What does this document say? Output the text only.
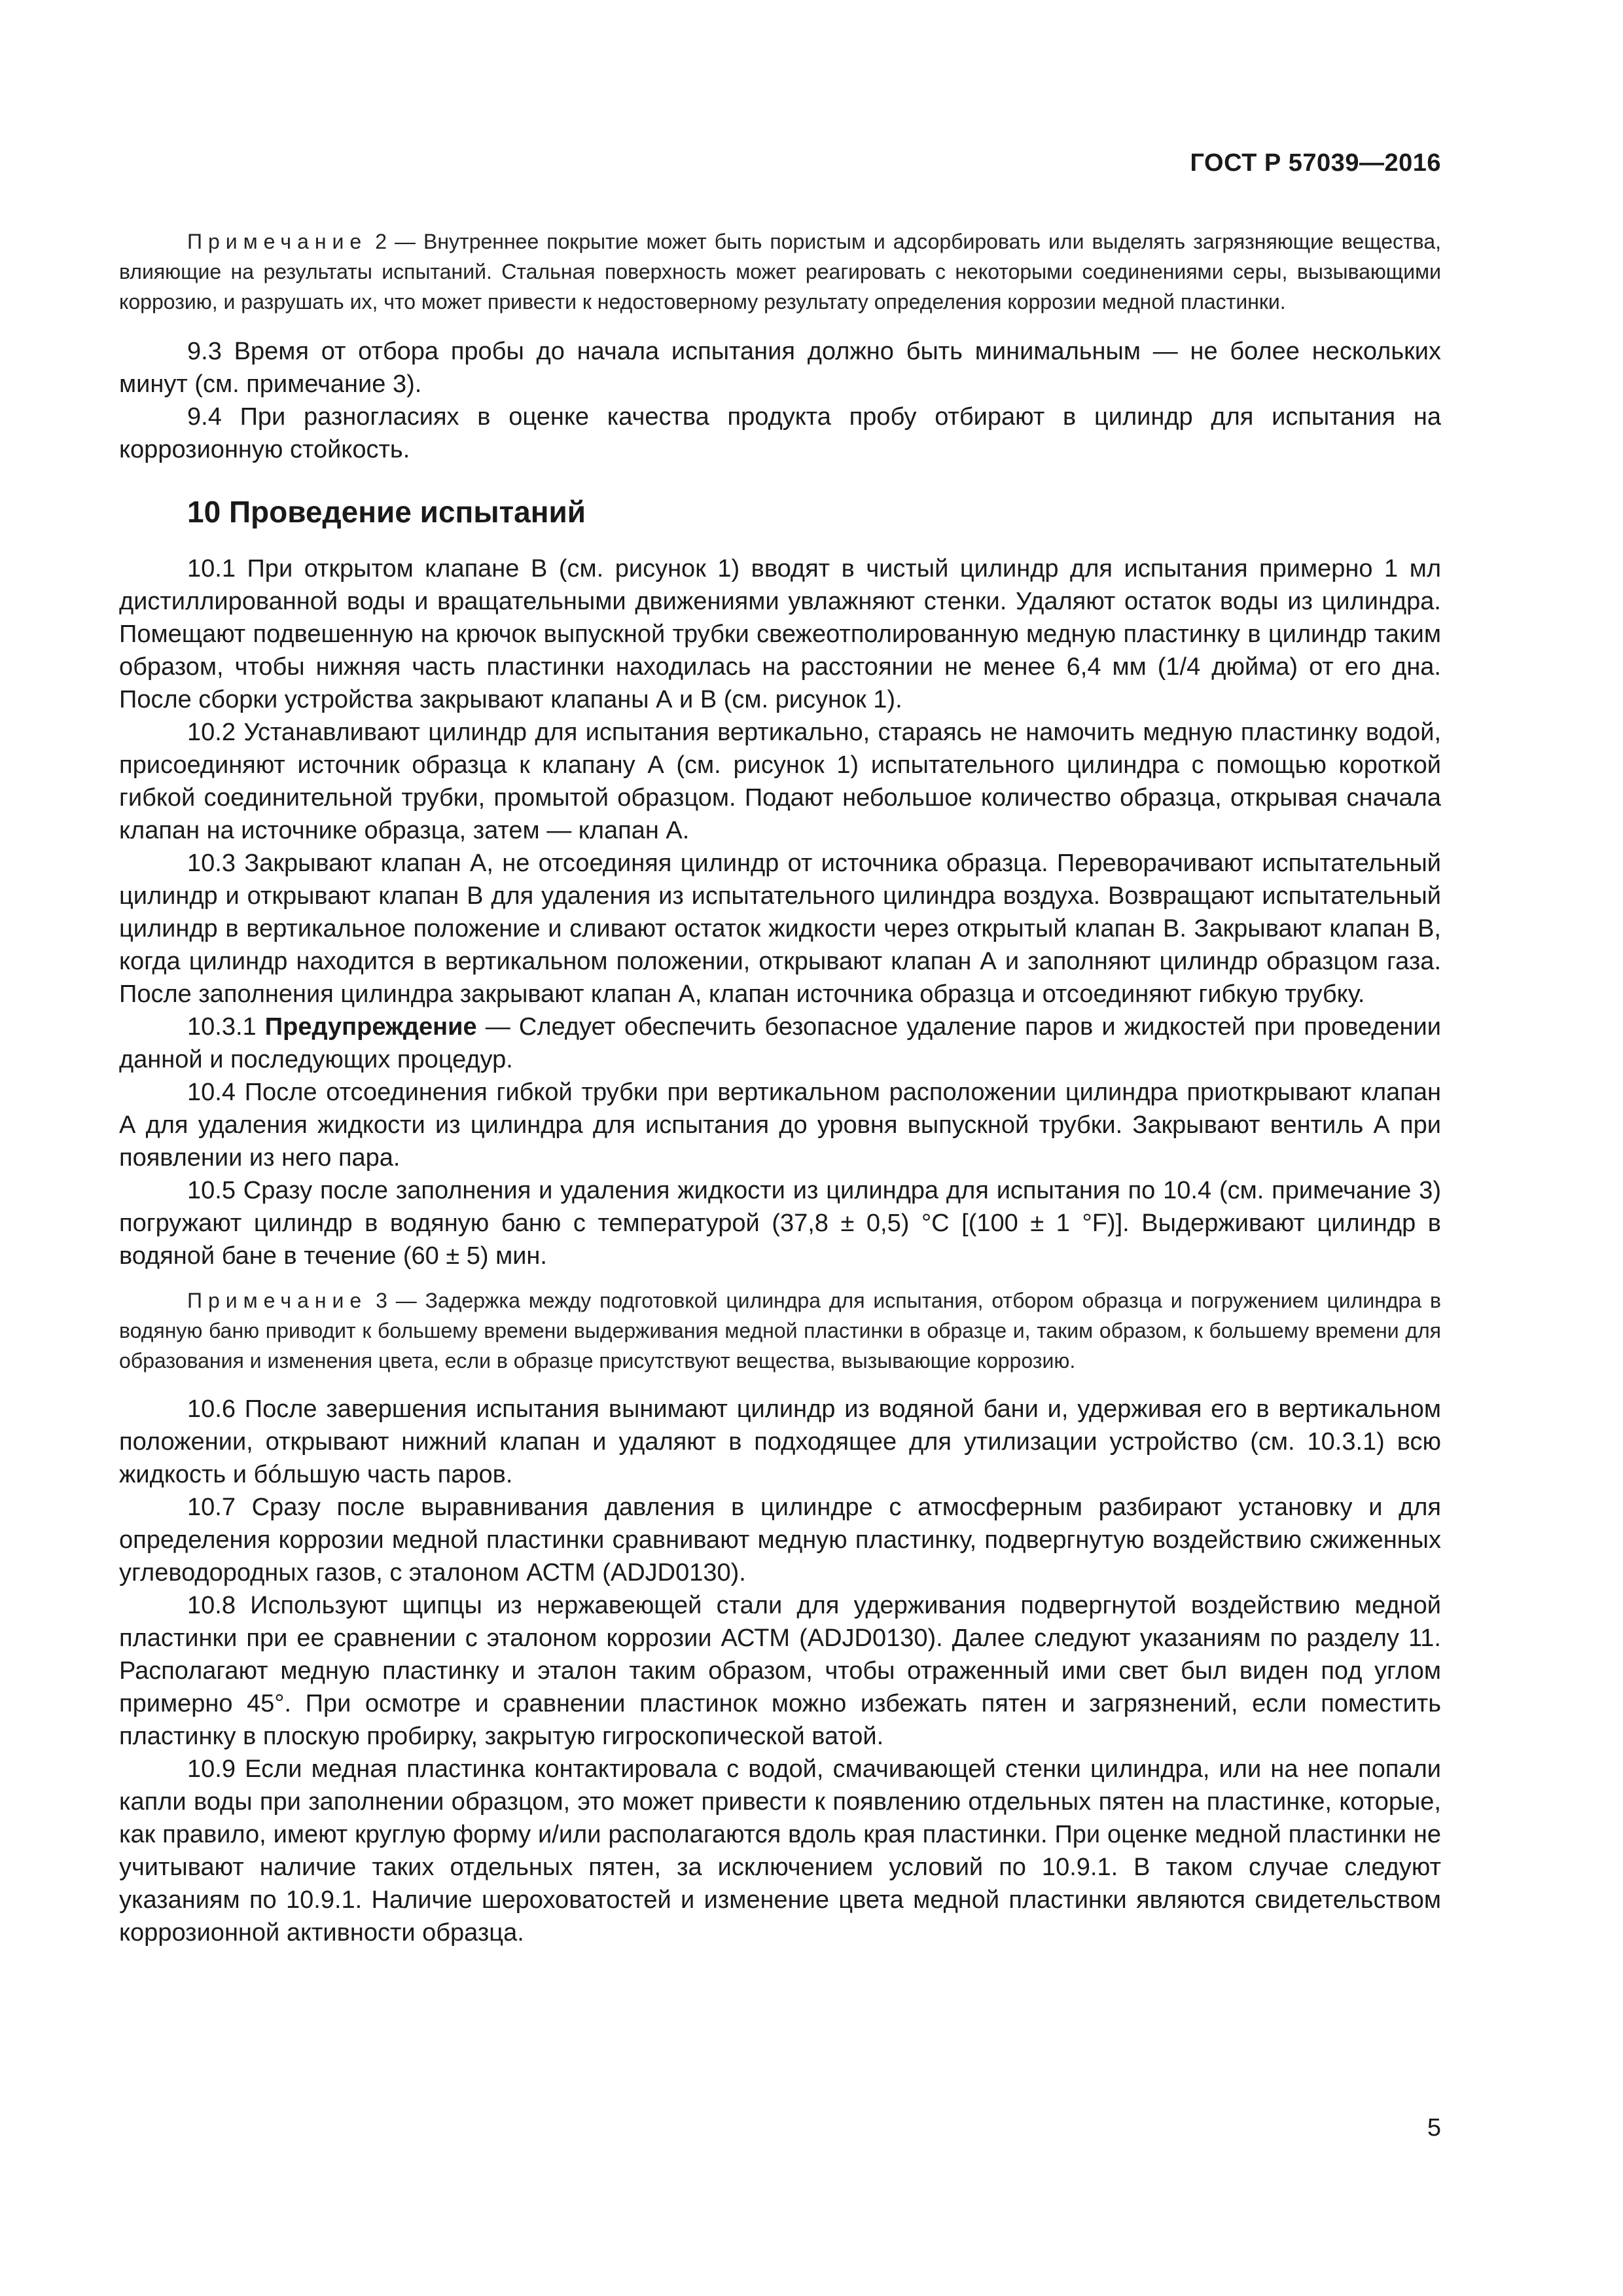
ГОСТ Р 57039—2016

Примечание 2 — Внутреннее покрытие может быть пористым и адсорбировать или выделять загрязняющие вещества, влияющие на результаты испытаний. Стальная поверхность может реагировать с некоторыми соединениями серы, вызывающими коррозию, и разрушать их, что может привести к недостоверному результату определения коррозии медной пластинки.

9.3 Время от отбора пробы до начала испытания должно быть минимальным — не более нескольких минут (см. примечание 3).

9.4 При разногласиях в оценке качества продукта пробу отбирают в цилиндр для испытания на коррозионную стойкость.

10 Проведение испытаний

10.1 При открытом клапане В (см. рисунок 1) вводят в чистый цилиндр для испытания примерно 1 мл дистиллированной воды и вращательными движениями увлажняют стенки. Удаляют остаток воды из цилиндра. Помещают подвешенную на крючок выпускной трубки свежеотполированную медную пластинку в цилиндр таким образом, чтобы нижняя часть пластинки находилась на расстоянии не менее 6,4 мм (1/4 дюйма) от его дна. После сборки устройства закрывают клапаны А и В (см. рисунок 1).

10.2 Устанавливают цилиндр для испытания вертикально, стараясь не намочить медную пластинку водой, присоединяют источник образца к клапану А (см. рисунок 1) испытательного цилиндра с помощью короткой гибкой соединительной трубки, промытой образцом. Подают небольшое количество образца, открывая сначала клапан на источнике образца, затем — клапан А.

10.3 Закрывают клапан А, не отсоединяя цилиндр от источника образца. Переворачивают испытательный цилиндр и открывают клапан В для удаления из испытательного цилиндра воздуха. Возвращают испытательный цилиндр в вертикальное положение и сливают остаток жидкости через открытый клапан В. Закрывают клапан В, когда цилиндр находится в вертикальном положении, открывают клапан А и заполняют цилиндр образцом газа. После заполнения цилиндра закрывают клапан А, клапан источника образца и отсоединяют гибкую трубку.

10.3.1 Предупреждение — Следует обеспечить безопасное удаление паров и жидкостей при проведении данной и последующих процедур.

10.4 После отсоединения гибкой трубки при вертикальном расположении цилиндра приоткрывают клапан А для удаления жидкости из цилиндра для испытания до уровня выпускной трубки. Закрывают вентиль А при появлении из него пара.

10.5 Сразу после заполнения и удаления жидкости из цилиндра для испытания по 10.4 (см. примечание 3) погружают цилиндр в водяную баню с температурой (37,8 ± 0,5) °С [(100 ± 1 °F)]. Выдерживают цилиндр в водяной бане в течение (60 ± 5) мин.

Примечание 3 — Задержка между подготовкой цилиндра для испытания, отбором образца и погружением цилиндра в водяную баню приводит к большему времени выдерживания медной пластинки в образце и, таким образом, к большему времени для образования и изменения цвета, если в образце присутствуют вещества, вызывающие коррозию.

10.6 После завершения испытания вынимают цилиндр из водяной бани и, удерживая его в вертикальном положении, открывают нижний клапан и удаляют в подходящее для утилизации устройство (см. 10.3.1) всю жидкость и бóльшую часть паров.

10.7 Сразу после выравнивания давления в цилиндре с атмосферным разбирают установку и для определения коррозии медной пластинки сравнивают медную пластинку, подвергнутую воздействию сжиженных углеводородных газов, с эталоном АСТМ (ADJD0130).

10.8 Используют щипцы из нержавеющей стали для удерживания подвергнутой воздействию медной пластинки при ее сравнении с эталоном коррозии АСТМ (ADJD0130). Далее следуют указаниям по разделу 11. Располагают медную пластинку и эталон таким образом, чтобы отраженный ими свет был виден под углом примерно 45°. При осмотре и сравнении пластинок можно избежать пятен и загрязнений, если поместить пластинку в плоскую пробирку, закрытую гигроскопической ватой.

10.9 Если медная пластинка контактировала с водой, смачивающей стенки цилиндра, или на нее попали капли воды при заполнении образцом, это может привести к появлению отдельных пятен на пластинке, которые, как правило, имеют круглую форму и/или располагаются вдоль края пластинки. При оценке медной пластинки не учитывают наличие таких отдельных пятен, за исключением условий по 10.9.1. В таком случае следуют указаниям по 10.9.1. Наличие шероховатостей и изменение цвета медной пластинки являются свидетельством коррозионной активности образца.

5
